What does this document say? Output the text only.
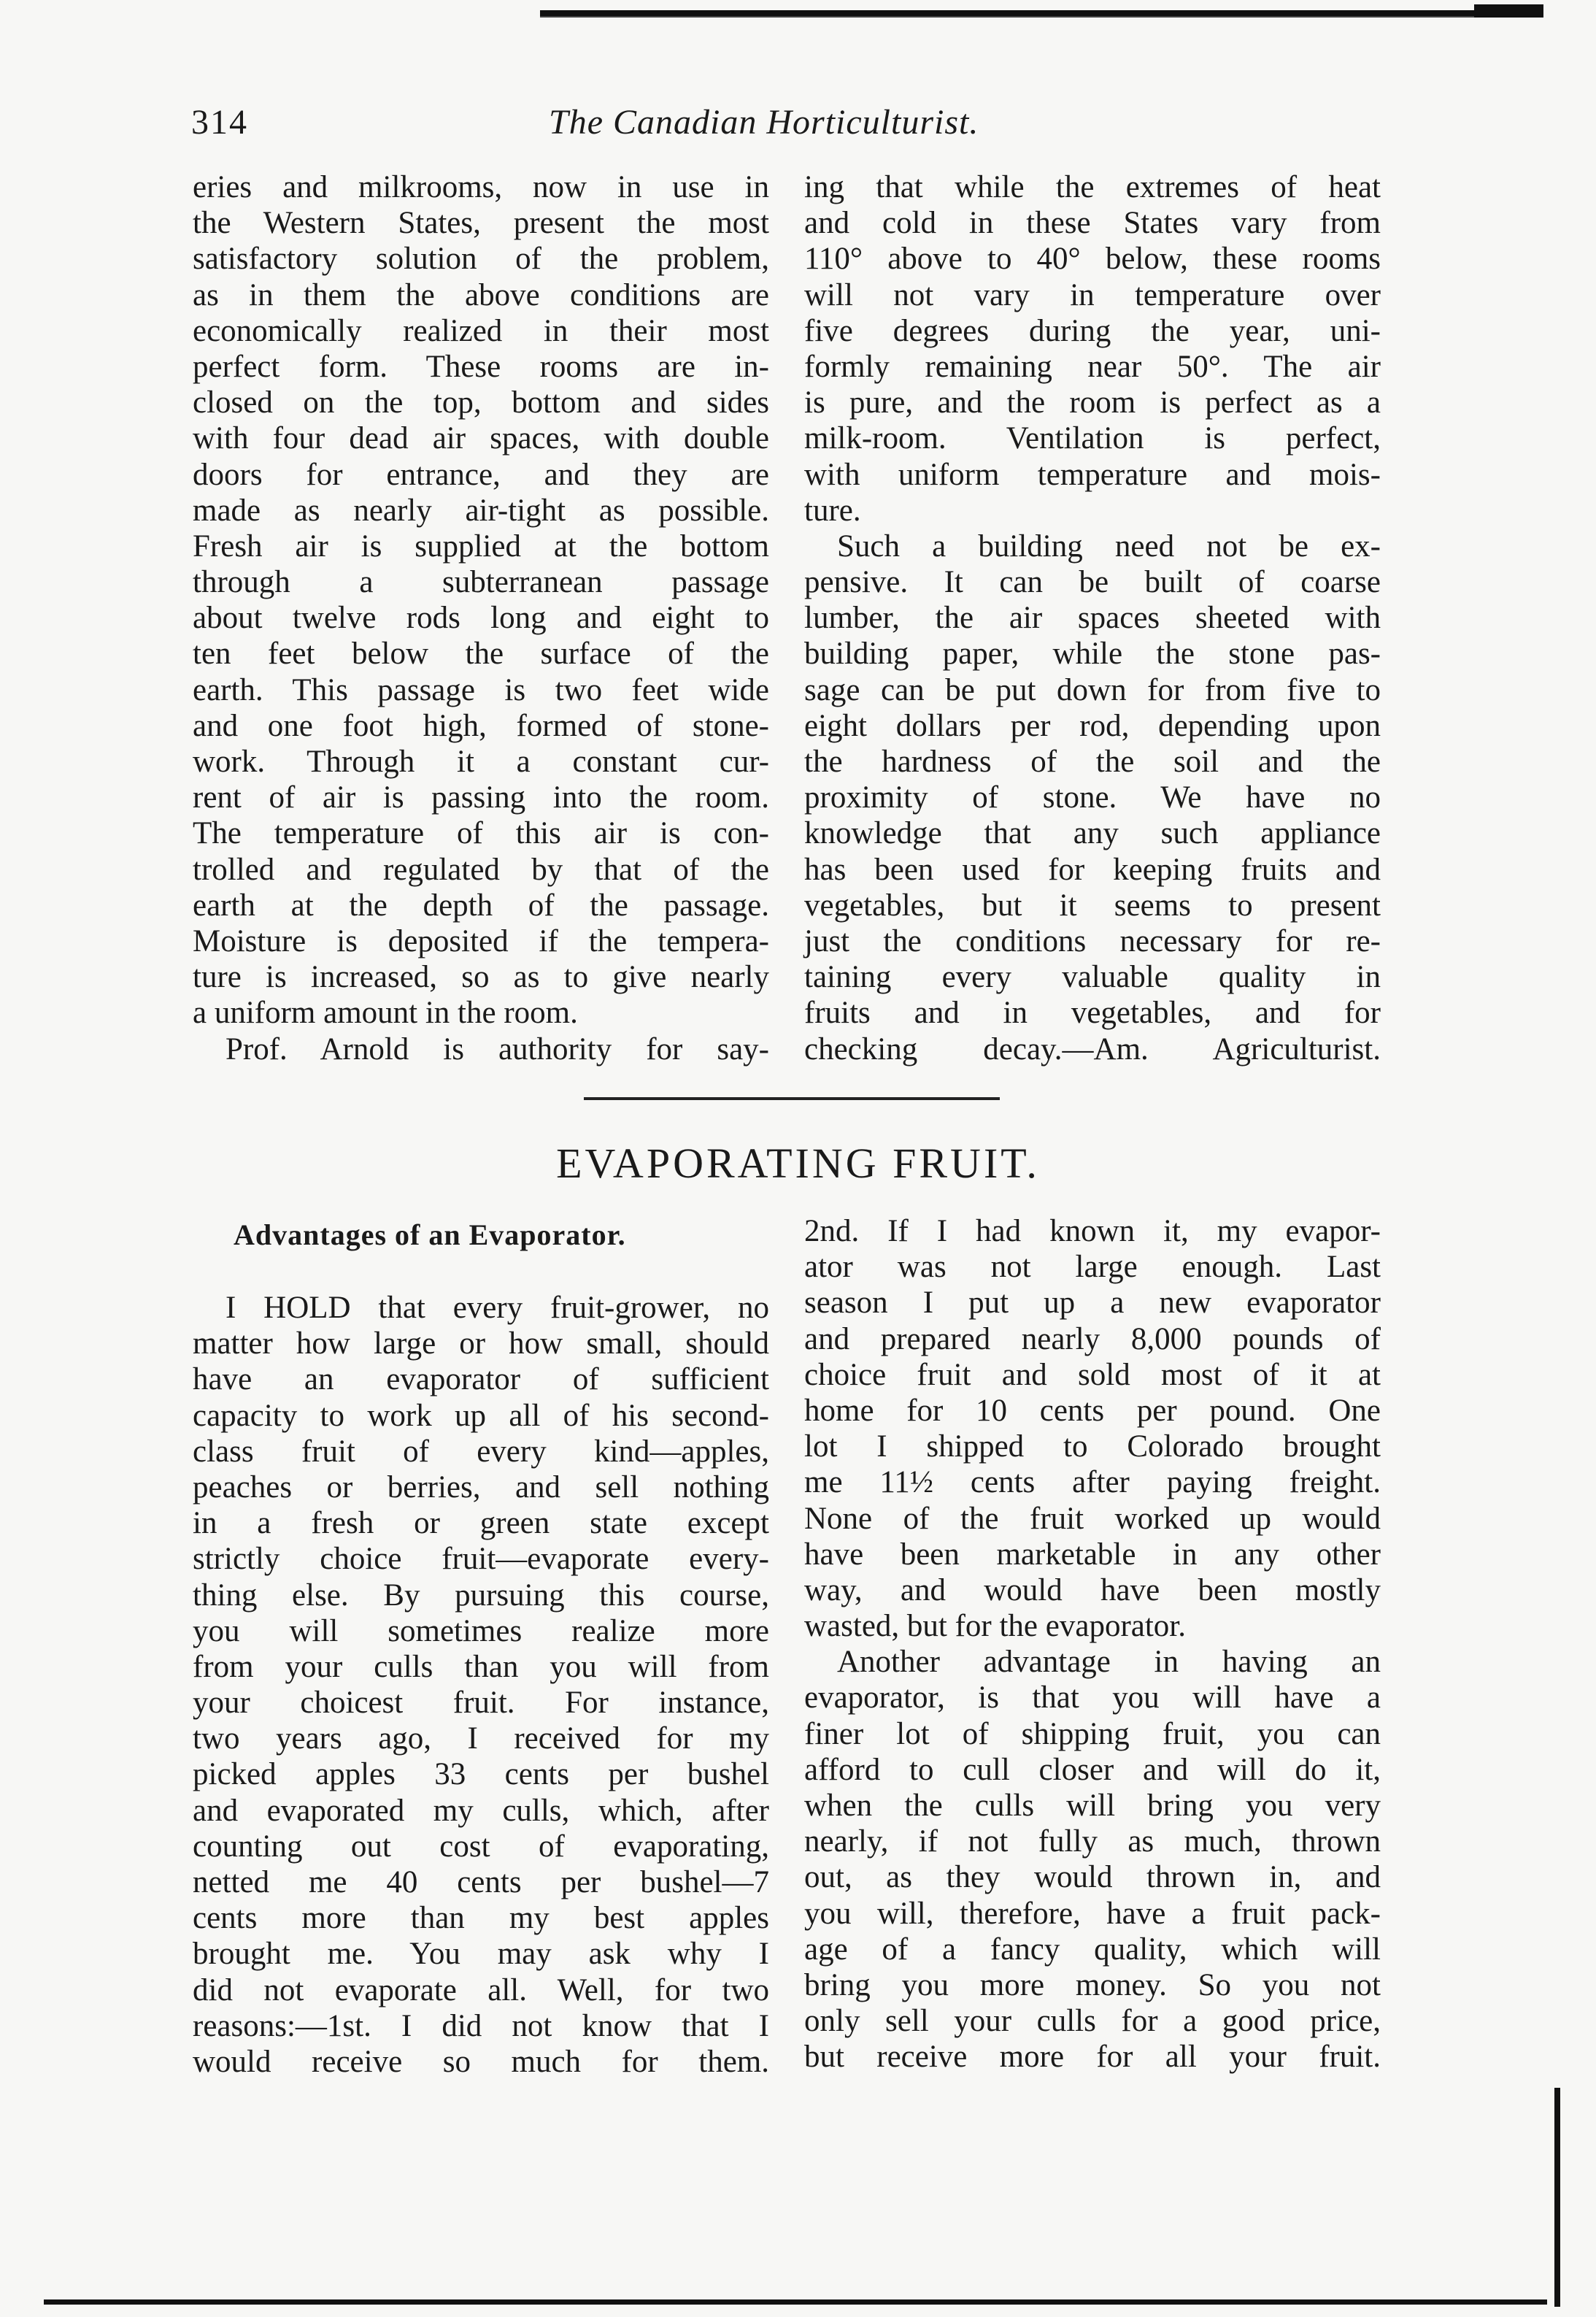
314	The Canadian Horticulturist.
eries and milkrooms, now in use in
the Western States, present the most
satisfactory solution of the problem,
as in them the above conditions are
economically realized in their most
perfect form. These rooms are in-
closed on the top, bottom and sides
with four dead air spaces, with double
doors for entrance, and they are
made as nearly air-tight as possible.
Fresh air is supplied at the bottom
through a subterranean passage
about twelve rods long and eight to
ten feet below the surface of the
earth. This passage is two feet wide
and one foot high, formed of stone-
work. Through it a constant cur-
rent of air is passing into the room.
The temperature of this air is con-
trolled and regulated by that of the
earth at the depth of the passage.
Moisture is deposited if the tempera-
ture is increased, so as to give nearly
a uniform amount in the room.
Prof. Arnold is authority for say-
ing that while the extremes of heat
and cold in these States vary from
110° above to 40° below, these rooms
will not vary in temperature over
five degrees during the year, uni-
formly remaining near 50°. The air
is pure, and the room is perfect as a
milk-room. Ventilation is perfect,
with uniform temperature and mois-
ture.
Such a building need not be ex-
pensive. It can be built of coarse
lumber, the air spaces sheeted with
building paper, while the stone pas-
sage can be put down for from five to
eight dollars per rod, depending upon
the hardness of the soil and the
proximity of stone. We have no
knowledge that any such appliance
has been used for keeping fruits and
vegetables, but it seems to present
just the conditions necessary for re-
taining every valuable quality in
fruits and in vegetables, and for
checking decay.—Am. Agriculturist.
EVAPORATING FRUIT.
Advantages of an Evaporator.
I HOLD that every fruit-grower, no
matter how large or how small, should
have an evaporator of sufficient
capacity to work up all of his second-
class fruit of every kind—apples,
peaches or berries, and sell nothing
in a fresh or green state except
strictly choice fruit—evaporate every-
thing else. By pursuing this course,
you will sometimes realize more
from your culls than you will from
your choicest fruit. For instance,
two years ago, I received for my
picked apples 33 cents per bushel
and evaporated my culls, which, after
counting out cost of evaporating,
netted me 40 cents per bushel—7
cents more than my best apples
brought me. You may ask why I
did not evaporate all. Well, for two
reasons:—1st. I did not know that I
would receive so much for them.
2nd. If I had known it, my evapor-
ator was not large enough. Last
season I put up a new evaporator
and prepared nearly 8,000 pounds of
choice fruit and sold most of it at
home for 10 cents per pound. One
lot I shipped to Colorado brought
me 11½ cents after paying freight.
None of the fruit worked up would
have been marketable in any other
way, and would have been mostly
wasted, but for the evaporator.
Another advantage in having an
evaporator, is that you will have a
finer lot of shipping fruit, you can
afford to cull closer and will do it,
when the culls will bring you very
nearly, if not fully as much, thrown
out, as they would thrown in, and
you will, therefore, have a fruit pack-
age of a fancy quality, which will
bring you more money. So you not
only sell your culls for a good price,
but receive more for all your fruit.
